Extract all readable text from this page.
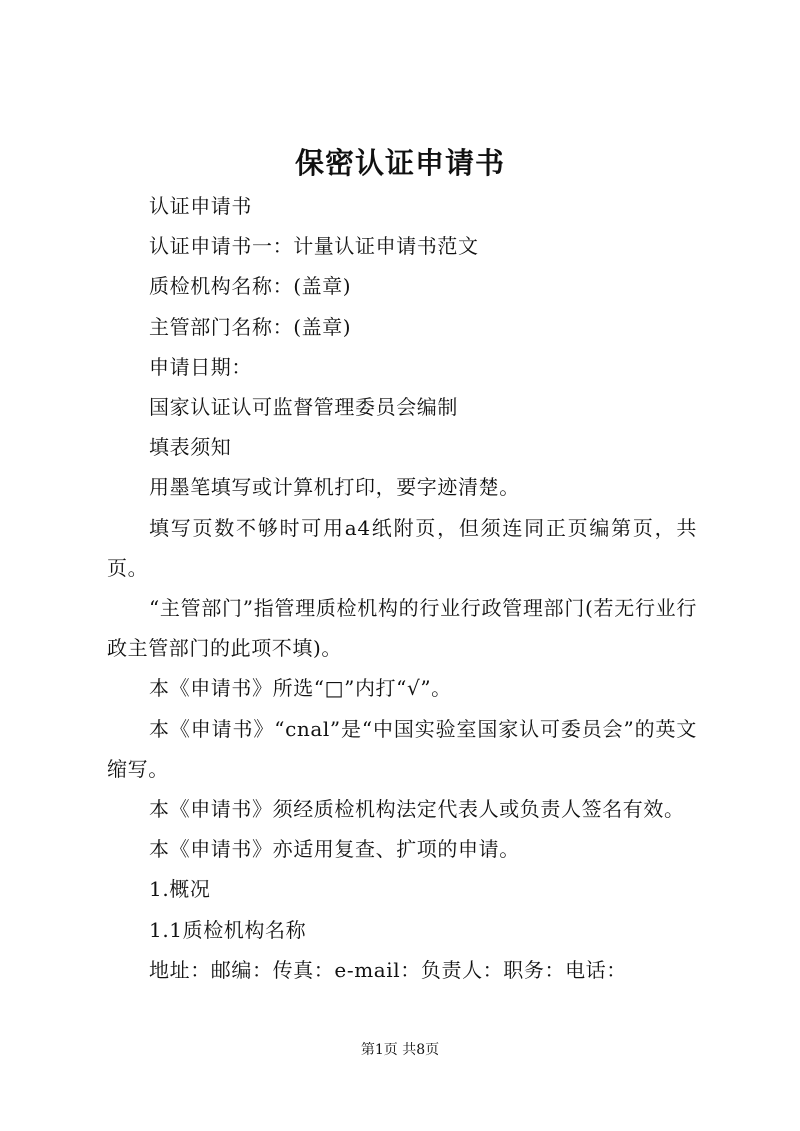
保密认证申请书

认证申请书

认证申请书一：计量认证申请书范文

质检机构名称：(盖章)

主管部门名称：(盖章)

申请日期：

国家认证认可监督管理委员会编制

填表须知

用墨笔填写或计算机打印，要字迹清楚。

填写页数不够时可用a4纸附页，但须连同正页编第页，共页。

“主管部门”指管理质检机构的行业行政管理部门(若无行业行政主管部门的此项不填)。

本《申请书》所选“□”内打“√”。

本《申请书》“cnal”是“中国实验室国家认可委员会”的英文缩写。

本《申请书》须经质检机构法定代表人或负责人签名有效。

本《申请书》亦适用复查、扩项的申请。

1.概况

1.1质检机构名称

地址：邮编：传真：e-mail：负责人：职务：电话：

第1页 共8页
